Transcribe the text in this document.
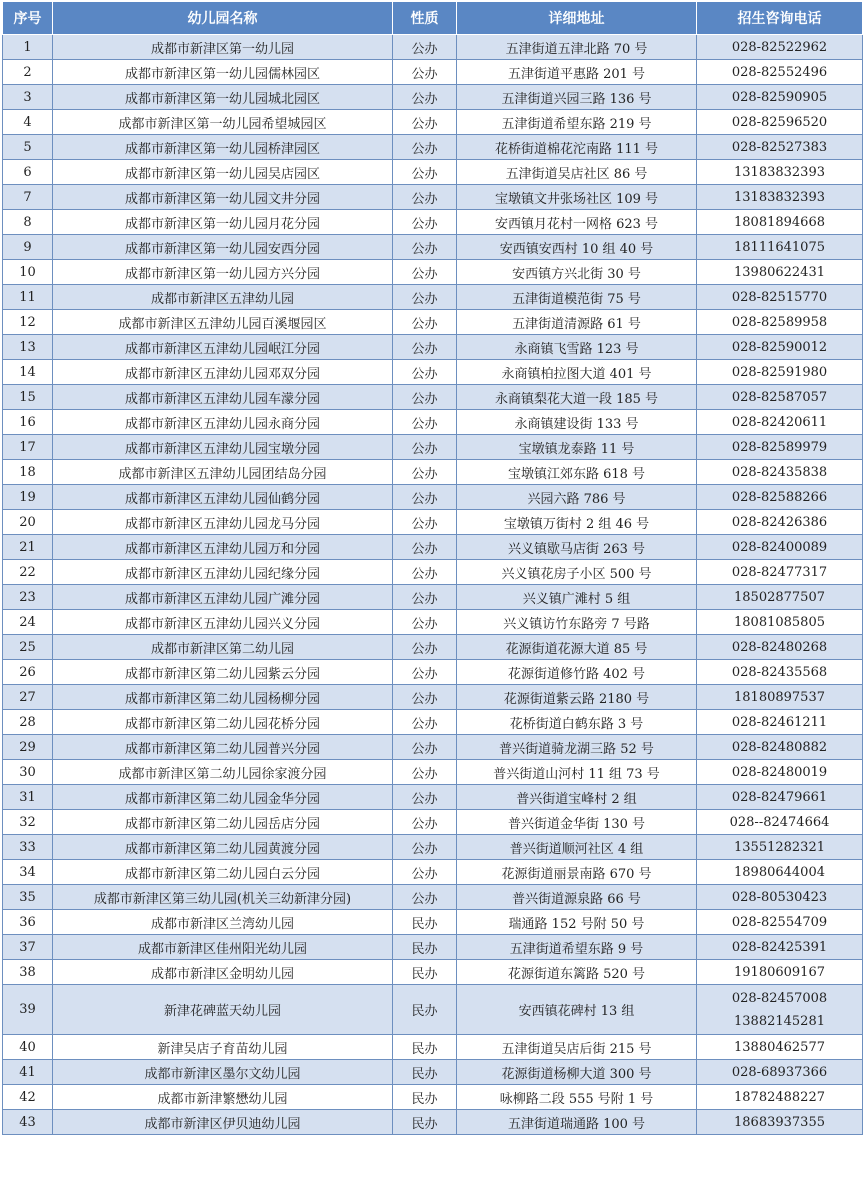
序号	幼儿园名称	性质	详细地址	招生咨询电话
1	成都市新津区第一幼儿园	公办	五津街道五津北路 70 号	028-82522962
2	成都市新津区第一幼儿园儒林园区	公办	五津街道平惠路 201 号	028-82552496
3	成都市新津区第一幼儿园城北园区	公办	五津街道兴园三路 136 号	028-82590905
4	成都市新津区第一幼儿园希望城园区	公办	五津街道希望东路 219 号	028-82596520
5	成都市新津区第一幼儿园桥津园区	公办	花桥街道棉花沱南路 111 号	028-82527383
6	成都市新津区第一幼儿园吴店园区	公办	五津街道吴店社区 86 号	13183832393
7	成都市新津区第一幼儿园文井分园	公办	宝墩镇文井张场社区 109 号	13183832393
8	成都市新津区第一幼儿园月花分园	公办	安西镇月花村一网格 623 号	18081894668
9	成都市新津区第一幼儿园安西分园	公办	安西镇安西村 10 组 40 号	18111641075
10	成都市新津区第一幼儿园方兴分园	公办	安西镇方兴北街 30 号	13980622431
11	成都市新津区五津幼儿园	公办	五津街道模范街 75 号	028-82515770
12	成都市新津区五津幼儿园百溪堰园区	公办	五津街道清源路 61 号	028-82589958
13	成都市新津区五津幼儿园岷江分园	公办	永商镇飞雪路 123 号	028-82590012
14	成都市新津区五津幼儿园邓双分园	公办	永商镇柏拉图大道 401 号	028-82591980
15	成都市新津区五津幼儿园车濛分园	公办	永商镇梨花大道一段 185 号	028-82587057
16	成都市新津区五津幼儿园永商分园	公办	永商镇建设街 133 号	028-82420611
17	成都市新津区五津幼儿园宝墩分园	公办	宝墩镇龙泰路 11 号	028-82589979
18	成都市新津区五津幼儿园团结岛分园	公办	宝墩镇江郊东路 618 号	028-82435838
19	成都市新津区五津幼儿园仙鹤分园	公办	兴园六路 786 号	028-82588266
20	成都市新津区五津幼儿园龙马分园	公办	宝墩镇万街村 2 组 46 号	028-82426386
21	成都市新津区五津幼儿园万和分园	公办	兴义镇歇马店街 263 号	028-82400089
22	成都市新津区五津幼儿园纪缘分园	公办	兴义镇花房子小区 500 号	028-82477317
23	成都市新津区五津幼儿园广滩分园	公办	兴义镇广滩村 5 组	18502877507
24	成都市新津区五津幼儿园兴义分园	公办	兴义镇访竹东路旁 7 号路	18081085805
25	成都市新津区第二幼儿园	公办	花源街道花源大道 85 号	028-82480268
26	成都市新津区第二幼儿园紫云分园	公办	花源街道修竹路 402 号	028-82435568
27	成都市新津区第二幼儿园杨柳分园	公办	花源街道紫云路 2180 号	18180897537
28	成都市新津区第二幼儿园花桥分园	公办	花桥街道白鹤东路 3 号	028-82461211
29	成都市新津区第二幼儿园普兴分园	公办	普兴街道骑龙湖三路 52 号	028-82480882
30	成都市新津区第二幼儿园徐家渡分园	公办	普兴街道山河村 11 组 73 号	028-82480019
31	成都市新津区第二幼儿园金华分园	公办	普兴街道宝峰村 2 组	028-82479661
32	成都市新津区第二幼儿园岳店分园	公办	普兴街道金华街 130 号	028--82474664
33	成都市新津区第二幼儿园黄渡分园	公办	普兴街道顺河社区 4 组	13551282321
34	成都市新津区第二幼儿园白云分园	公办	花源街道丽景南路 670 号	18980644004
35	成都市新津区第三幼儿园(机关三幼新津分园)	公办	普兴街道源泉路 66 号	028-80530423
36	成都市新津区兰湾幼儿园	民办	瑞通路 152 号附 50 号	028-82554709
37	成都市新津区佳州阳光幼儿园	民办	五津街道希望东路 9 号	028-82425391
38	成都市新津区金明幼儿园	民办	花源街道东篱路 520 号	19180609167
39	新津花碑蓝天幼儿园	民办	安西镇花碑村 13 组	028-82457008
13882145281

40	新津吴店子育苗幼儿园	民办	五津街道吴店后街 215 号	13880462577
41	成都市新津区墨尔文幼儿园	民办	花源街道杨柳大道 300 号	028-68937366
42	成都市新津繁懋幼儿园	民办	咏柳路二段 555 号附 1 号	18782488227
43	成都市新津区伊贝迪幼儿园	民办	五津街道瑞通路 100 号	18683937355
